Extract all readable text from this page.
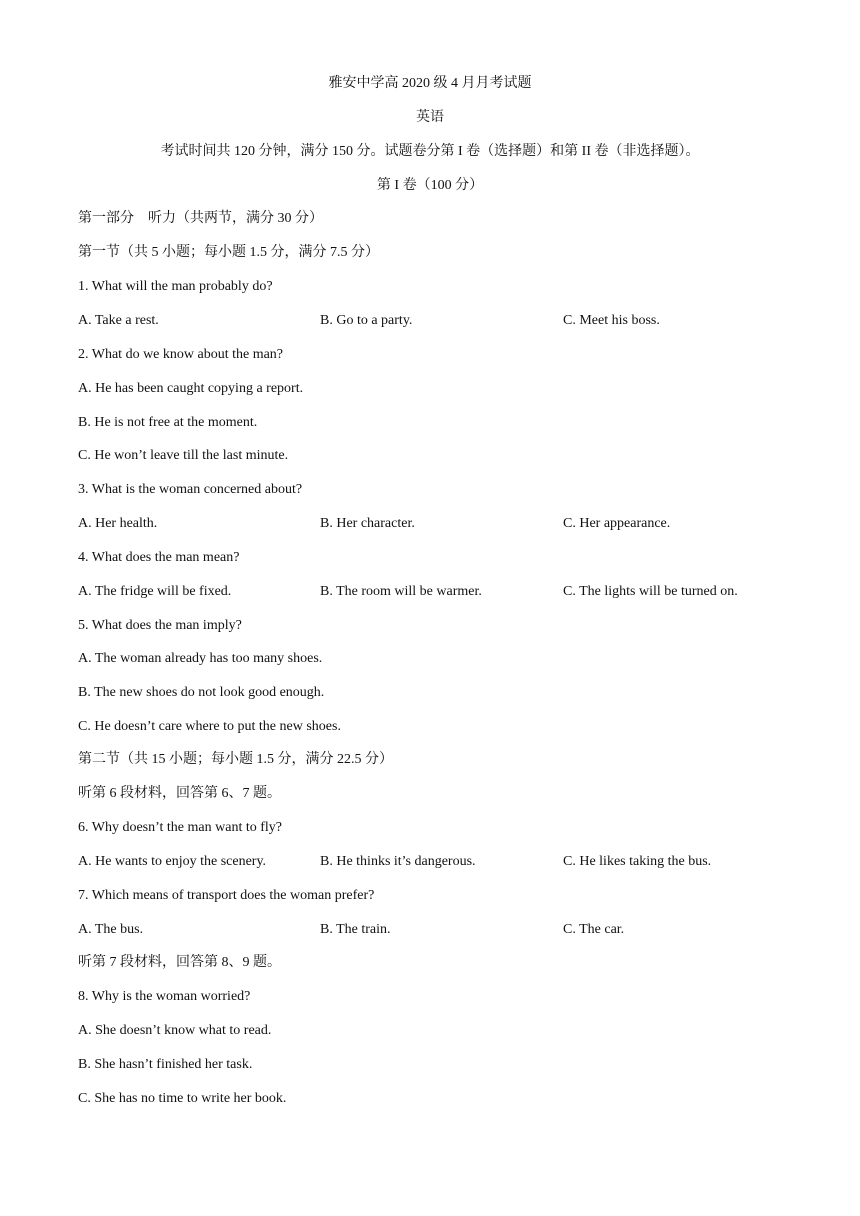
雅安中学高 2020 级 4 月月考试题
英语
考试时间共 120 分钟，满分 150 分。试题卷分第 I 卷（选择题）和第 II 卷（非选择题）。
第 I 卷（100 分）
第一部分　听力（共两节，满分 30 分）
第一节（共 5 小题；每小题 1.5 分，满分 7.5 分）
1. What will the man probably do?
A. Take a rest.	B. Go to a party.	C. Meet his boss.
2. What do we know about the man?
A. He has been caught copying a report.
B. He is not free at the moment.
C. He won’t leave till the last minute.
3. What is the woman concerned about?
A. Her health.	B. Her character.	C. Her appearance.
4. What does the man mean?
A. The fridge will be fixed.	B. The room will be warmer.	C. The lights will be turned on.
5. What does the man imply?
A. The woman already has too many shoes.
B. The new shoes do not look good enough.
C. He doesn’t care where to put the new shoes.
第二节（共 15 小题；每小题 1.5 分，满分 22.5 分）
听第 6 段材料，回答第 6、7 题。
6. Why doesn’t the man want to fly?
A. He wants to enjoy the scenery.	B. He thinks it’s dangerous.	C. He likes taking the bus.
7. Which means of transport does the woman prefer?
A. The bus.	B. The train.	C. The car.
听第 7 段材料，回答第 8、9 题。
8. Why is the woman worried?
A. She doesn’t know what to read.
B. She hasn’t finished her task.
C. She has no time to write her book.
